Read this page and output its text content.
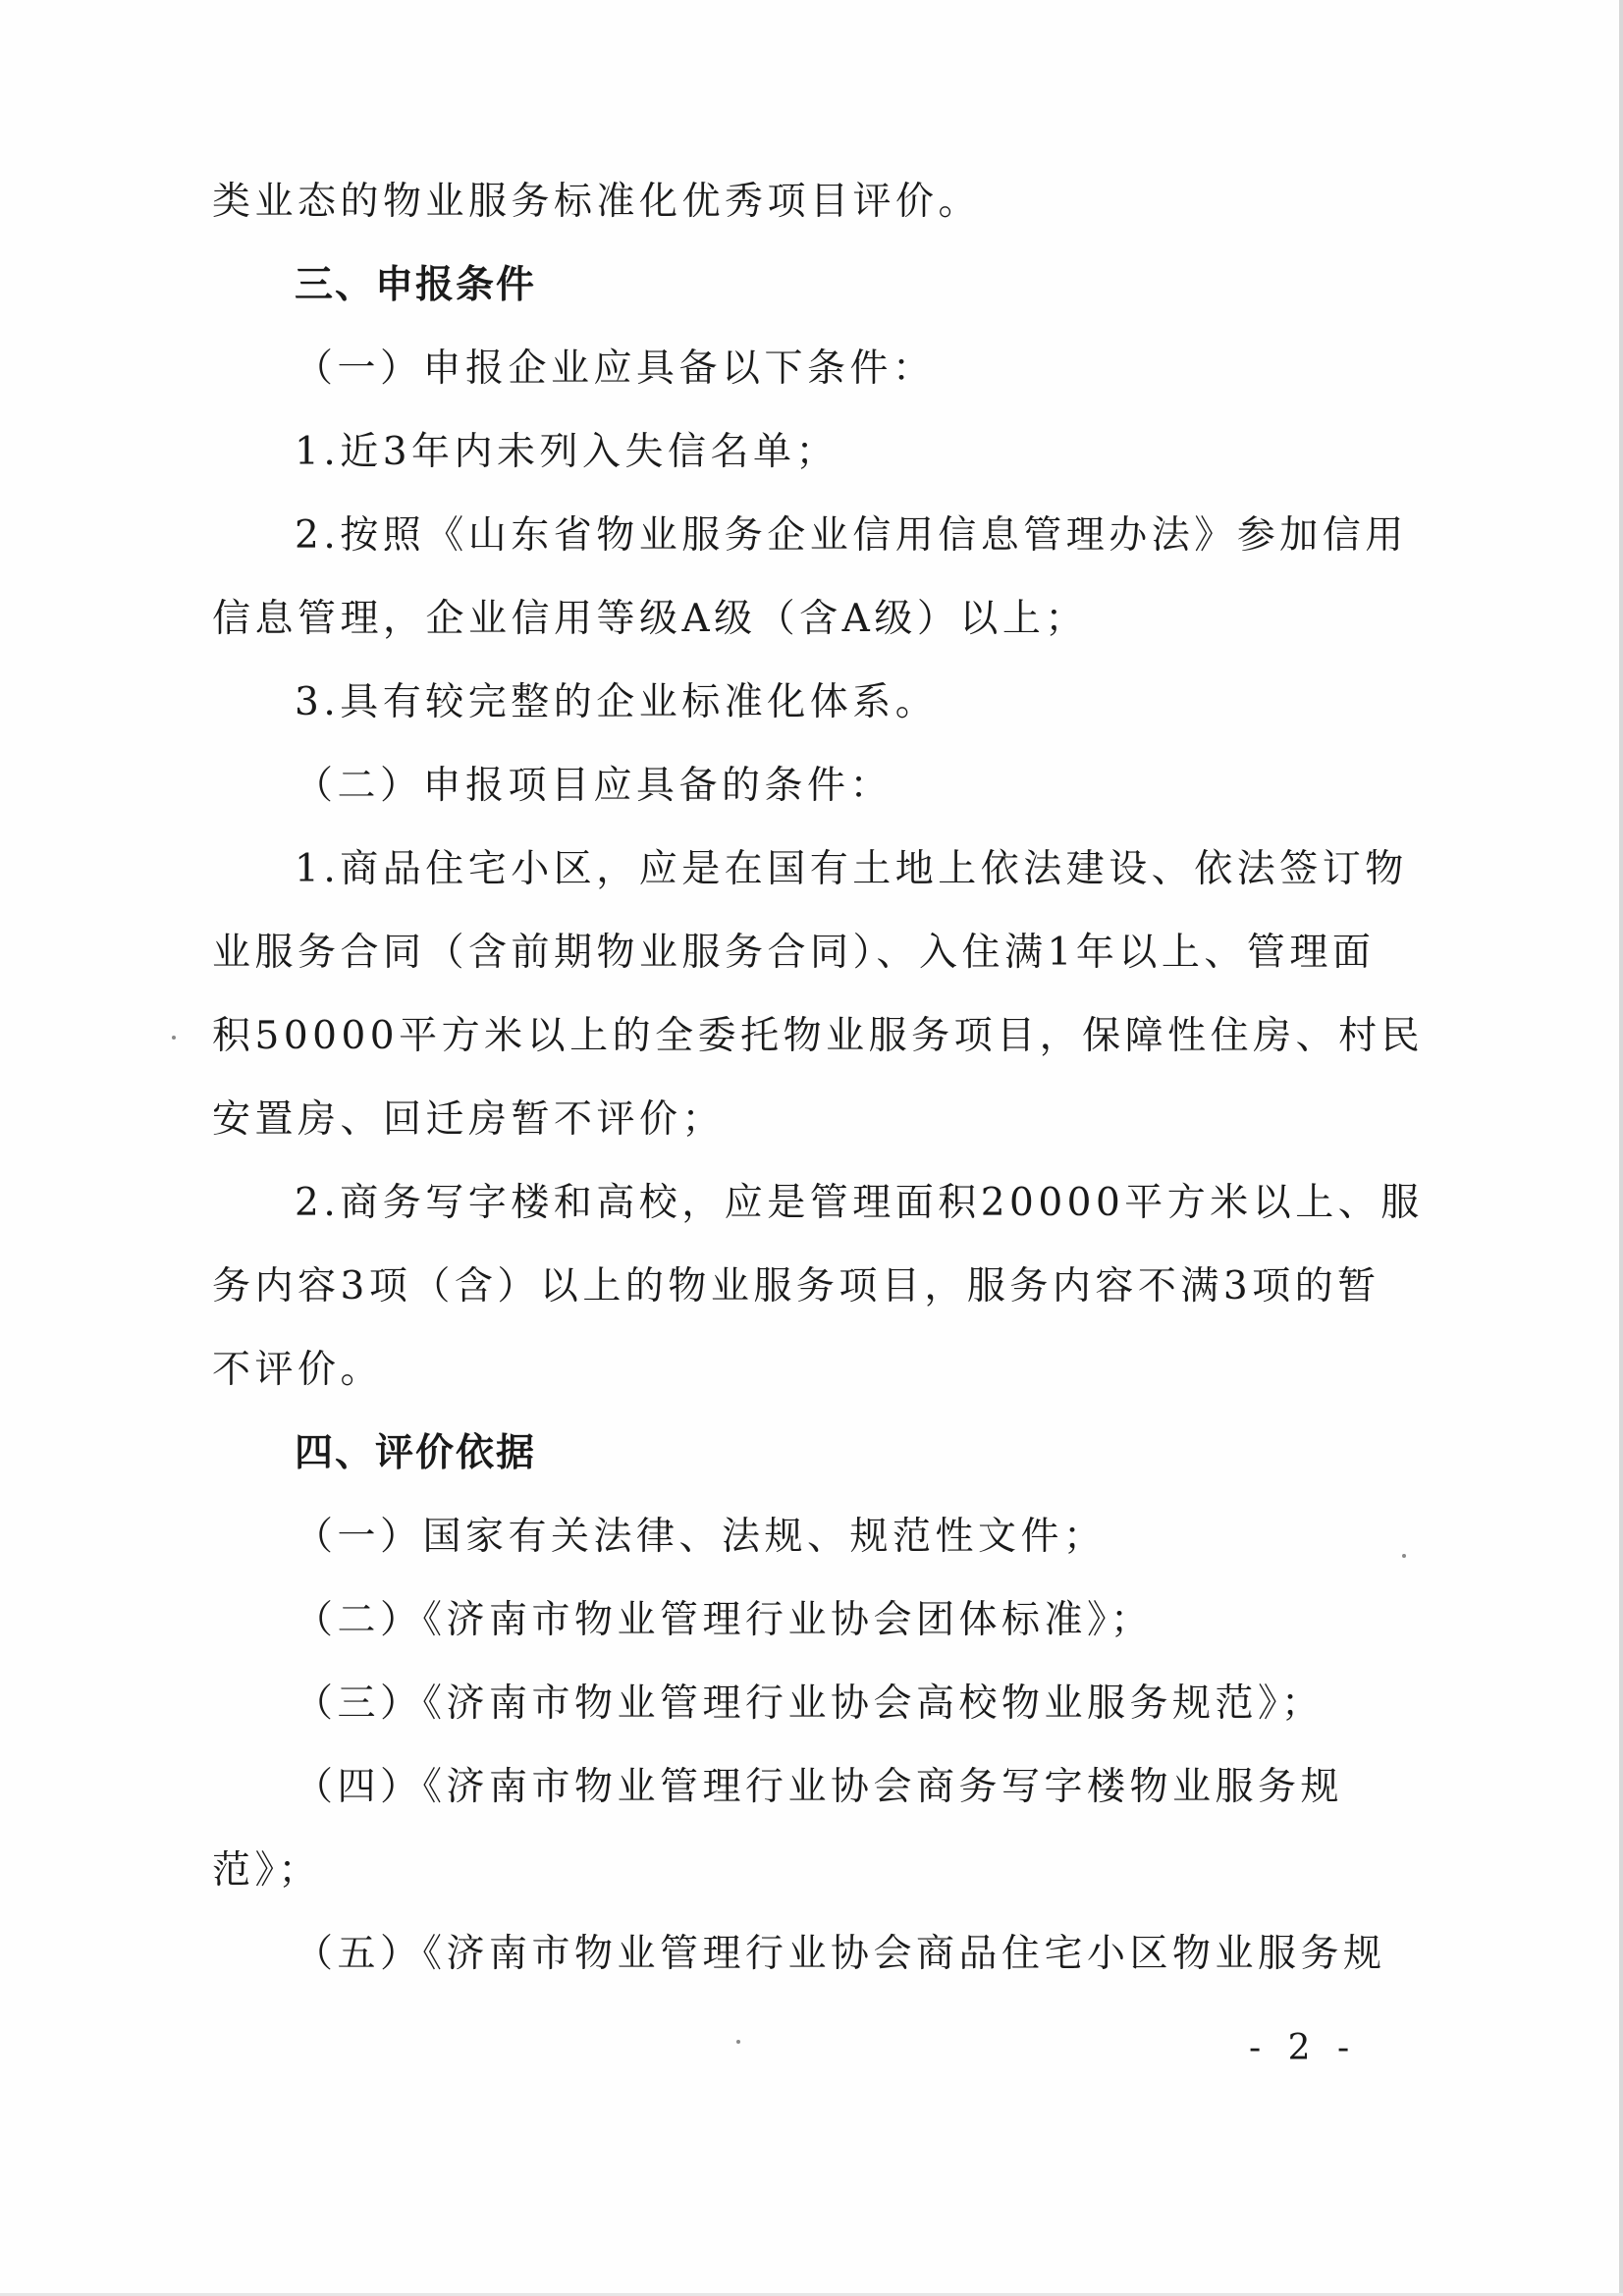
类业态的物业服务标准化优秀项目评价。
三、申报条件
（一）申报企业应具备以下条件：
1.近3年内未列入失信名单；
2.按照《山东省物业服务企业信用信息管理办法》参加信用
信息管理，企业信用等级A级（含A级）以上；
3.具有较完整的企业标准化体系。
（二）申报项目应具备的条件：
1.商品住宅小区，应是在国有土地上依法建设、依法签订物
业服务合同（含前期物业服务合同）、入住满1年以上、管理面
积50000平方米以上的全委托物业服务项目，保障性住房、村民
安置房、回迁房暂不评价；
2.商务写字楼和高校，应是管理面积20000平方米以上、服
务内容3项（含）以上的物业服务项目，服务内容不满3项的暂
不评价。
四、评价依据
（一）国家有关法律、法规、规范性文件；
（二）《济南市物业管理行业协会团体标准》；
（三）《济南市物业管理行业协会高校物业服务规范》；
（四）《济南市物业管理行业协会商务写字楼物业服务规
范》；
（五）《济南市物业管理行业协会商品住宅小区物业服务规
- 2 -
